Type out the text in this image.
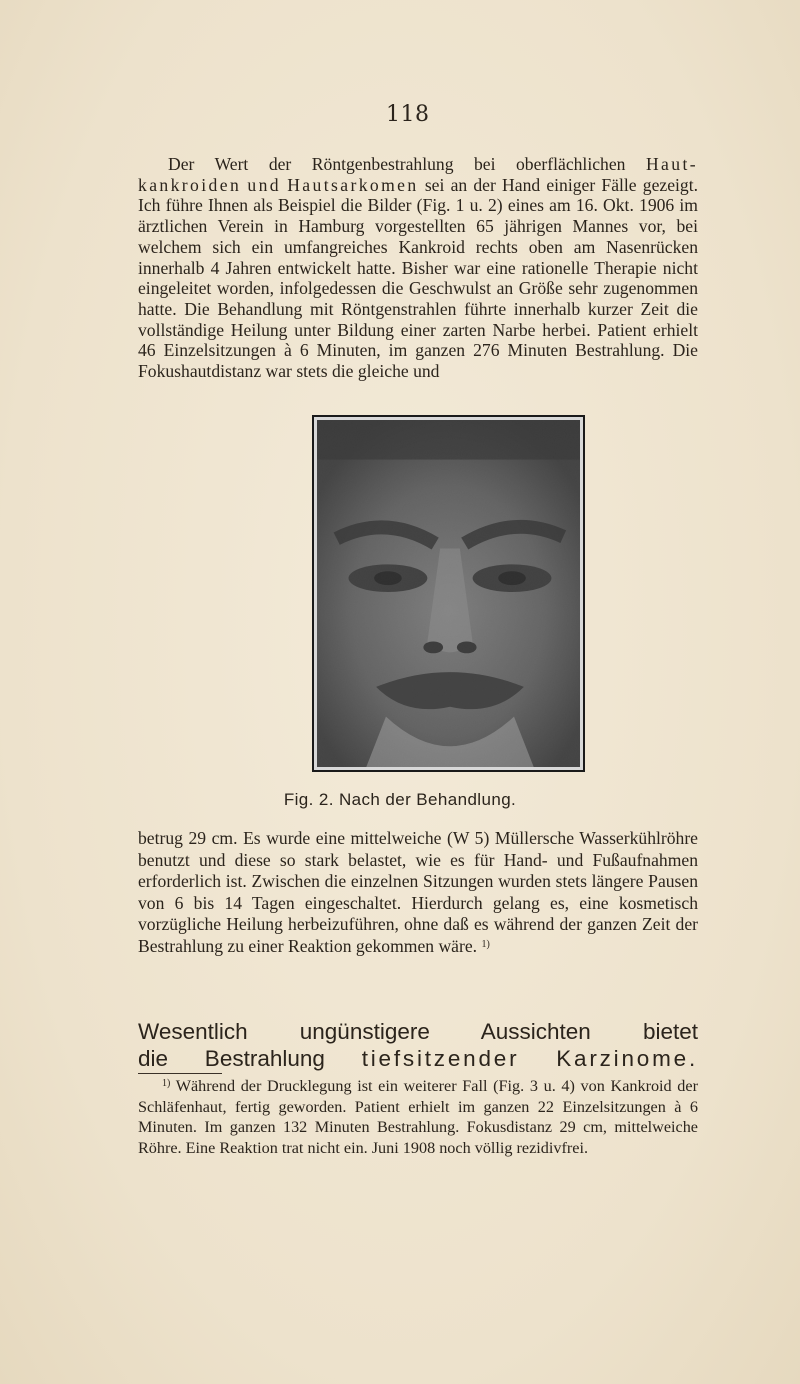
118

Der Wert der Röntgenbestrahlung bei oberflächlichen Haut-kankroiden und Hautsarkomen sei an der Hand einiger Fälle gezeigt. Ich führe Ihnen als Beispiel die Bilder (Fig. 1 u. 2) eines am 16. Okt. 1906 im ärztlichen Verein in Hamburg vorgestellten 65 jährigen Mannes vor, bei welchem sich ein umfangreiches Kankroid rechts oben am Nasenrücken innerhalb 4 Jahren entwickelt hatte. Bisher war eine rationelle Therapie nicht eingeleitet worden, infolgedessen die Geschwulst an Größe sehr zugenommen hatte. Die Behandlung mit Röntgenstrahlen führte innerhalb kurzer Zeit die vollständige Heilung unter Bildung einer zarten Narbe herbei. Patient erhielt 46 Einzelsitzungen à 6 Minuten, im ganzen 276 Minuten Bestrahlung. Die Fokushautdistanz war stets die gleiche und

Fig. 2. Nach der Behandlung.

betrug 29 cm. Es wurde eine mittelweiche (W 5) Müllersche Wasserkühlröhre benutzt und diese so stark belastet, wie es für Hand- und Fußaufnahmen erforderlich ist. Zwischen die einzelnen Sitzungen wurden stets längere Pausen von 6 bis 14 Tagen eingeschaltet. Hierdurch gelang es, eine kosmetisch vorzügliche Heilung herbeizuführen, ohne daß es während der ganzen Zeit der Bestrahlung zu einer Reaktion gekommen wäre. $^{1)}$

Wesentlich ungünstigere Aussichten bietet
die Bestrahlung tiefsitzender Karzinome.

$^{1)}$ Während der Drucklegung ist ein weiterer Fall (Fig. 3 u. 4) von Kankroid der Schläfenhaut, fertig geworden. Patient erhielt im ganzen 22 Einzelsitzungen à 6 Minuten. Im ganzen 132 Minuten Bestrahlung. Fokusdistanz 29 cm, mittelweiche Röhre. Eine Reaktion trat nicht ein. Juni 1908 noch völlig rezidivfrei.
